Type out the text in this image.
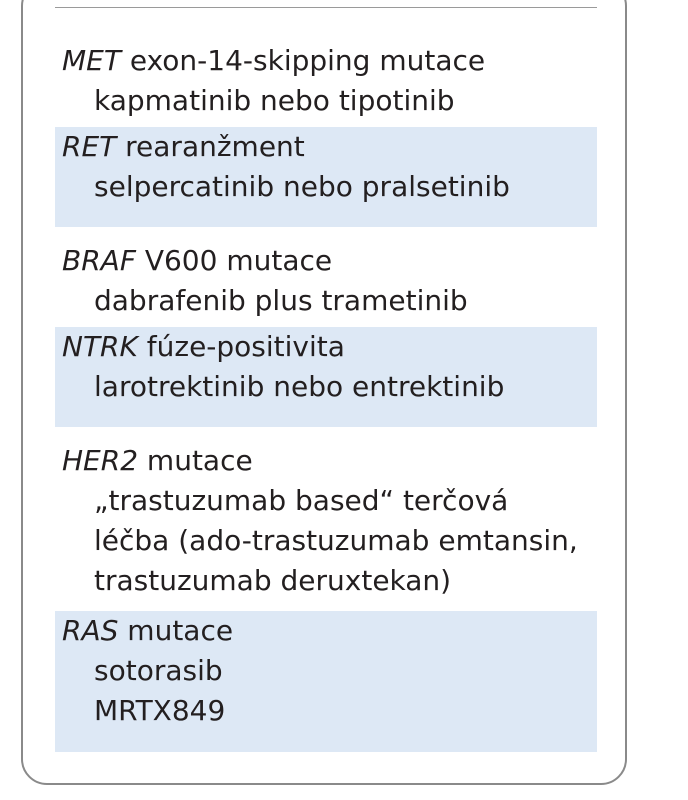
MET exon-14-skipping mutace
kapmatinib nebo tipotinib
RET rearanžment
selpercatinib nebo pralsetinib
BRAF V600 mutace
dabrafenib plus trametinib
NTRK fúze-positivita
larotrektinib nebo entrektinib
HER2 mutace
„trastuzumab based“ terčová
léčba (ado-trastuzumab emtansin,
trastuzumab deruxtekan)
RAS mutace
sotorasib
MRTX849
